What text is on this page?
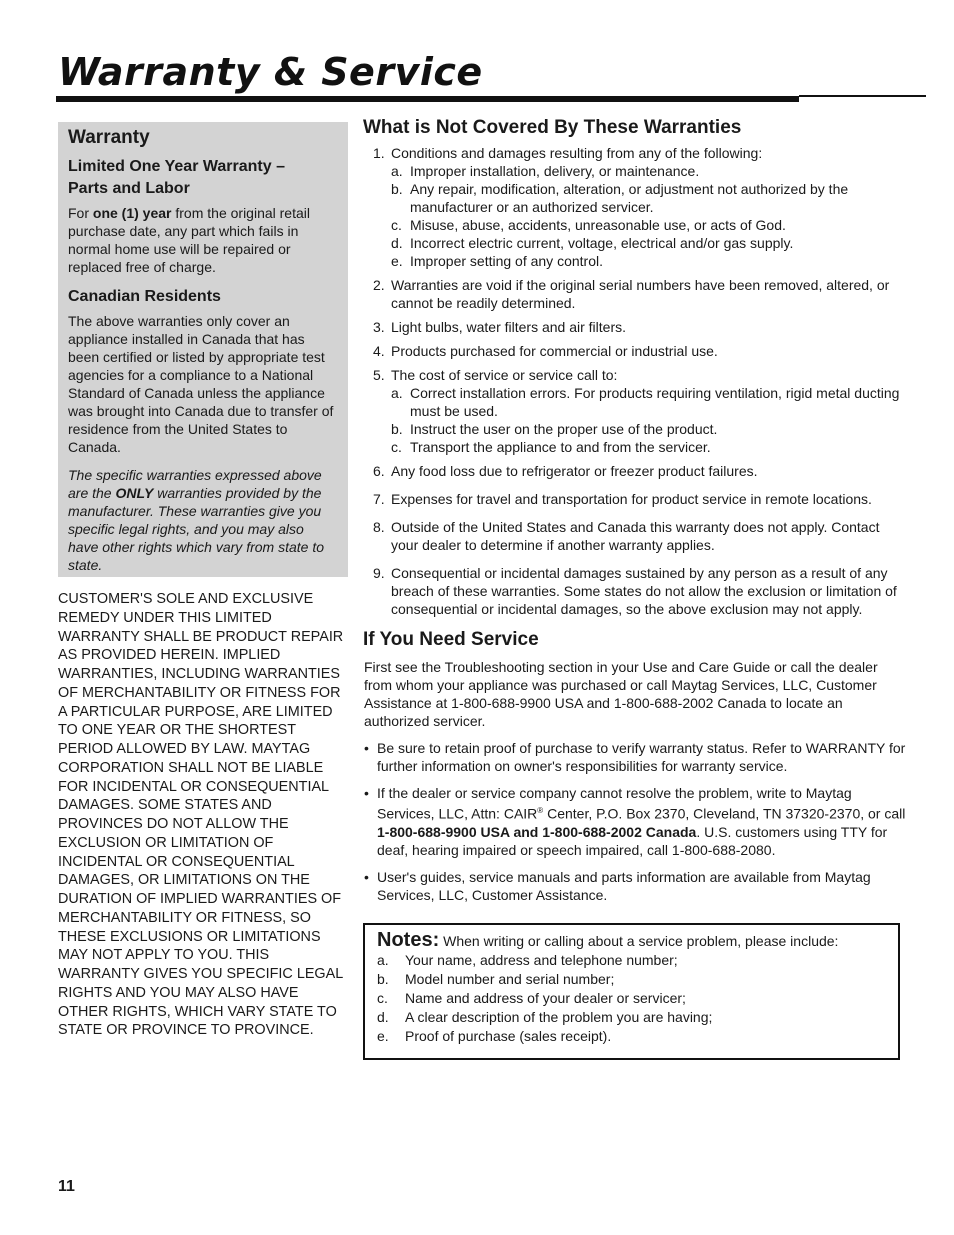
Warranty & Service
Warranty
Limited One Year Warranty –
Parts and Labor

For one (1) year from the original retail purchase date, any part which fails in normal home use will be repaired or replaced free of charge.

Canadian Residents

The above warranties only cover an appliance installed in Canada that has been certified or listed by appropriate test agencies for a compliance to a National Standard of Canada unless the appliance was brought into Canada due to transfer of residence from the United States to Canada.

The specific warranties expressed above are the ONLY warranties provided by the manufacturer. These warranties give you specific legal rights, and you may also have other rights which vary from state to state.

CUSTOMER'S SOLE AND EXCLUSIVE REMEDY UNDER THIS LIMITED WARRANTY SHALL BE PRODUCT REPAIR AS PROVIDED HEREIN. IMPLIED WARRANTIES, INCLUDING WARRANTIES OF MERCHANTABILITY OR FITNESS FOR A PARTICULAR PURPOSE, ARE LIMITED TO ONE YEAR OR THE SHORTEST PERIOD ALLOWED BY LAW. MAYTAG CORPORATION SHALL NOT BE LIABLE FOR INCIDENTAL OR CONSEQUENTIAL DAMAGES. SOME STATES AND PROVINCES DO NOT ALLOW THE EXCLUSION OR LIMITATION OF INCIDENTAL OR CONSEQUENTIAL DAMAGES, OR LIMITATIONS ON THE DURATION OF IMPLIED WARRANTIES OF MERCHANTABILITY OR FITNESS, SO THESE EXCLUSIONS OR LIMITATIONS MAY NOT APPLY TO YOU. THIS WARRANTY GIVES YOU SPECIFIC LEGAL RIGHTS AND YOU MAY ALSO HAVE OTHER RIGHTS, WHICH VARY STATE TO STATE OR PROVINCE TO PROVINCE.

What is Not Covered By These Warranties
1. Conditions and damages resulting from any of the following:
a. Improper installation, delivery, or maintenance.
b. Any repair, modification, alteration, or adjustment not authorized by the manufacturer or an authorized servicer.
c. Misuse, abuse, accidents, unreasonable use, or acts of God.
d. Incorrect electric current, voltage, electrical and/or gas supply.
e. Improper setting of any control.
2. Warranties are void if the original serial numbers have been removed, altered, or cannot be readily determined.
3. Light bulbs, water filters and air filters.
4. Products purchased for commercial or industrial use.
5. The cost of service or service call to:
a. Correct installation errors. For products requiring ventilation, rigid metal ducting must be used.
b. Instruct the user on the proper use of the product.
c. Transport the appliance to and from the servicer.
6. Any food loss due to refrigerator or freezer product failures.
7. Expenses for travel and transportation for product service in remote locations.
8. Outside of the United States and Canada this warranty does not apply. Contact your dealer to determine if another warranty applies.
9. Consequential or incidental damages sustained by any person as a result of any breach of these warranties. Some states do not allow the exclusion or limitation of consequential or incidental damages, so the above exclusion may not apply.
If You Need Service

First see the Troubleshooting section in your Use and Care Guide or call the dealer from whom your appliance was purchased or call Maytag Services, LLC, Customer Assistance at 1-800-688-9900 USA and 1-800-688-2002 Canada to locate an authorized servicer.

• Be sure to retain proof of purchase to verify warranty status. Refer to WARRANTY for further information on owner's responsibilities for warranty service.
• If the dealer or service company cannot resolve the problem, write to Maytag Services, LLC, Attn: CAIR® Center, P.O. Box 2370, Cleveland, TN 37320-2370, or call 1-800-688-9900 USA and 1-800-688-2002 Canada. U.S. customers using TTY for deaf, hearing impaired or speech impaired, call 1-800-688-2080.
• User's guides, service manuals and parts information are available from Maytag Services, LLC, Customer Assistance.
Notes: When writing or calling about a service problem, please include:
a. Your name, address and telephone number;
b. Model number and serial number;
c. Name and address of your dealer or servicer;
d. A clear description of the problem you are having;
e. Proof of purchase (sales receipt).
11
